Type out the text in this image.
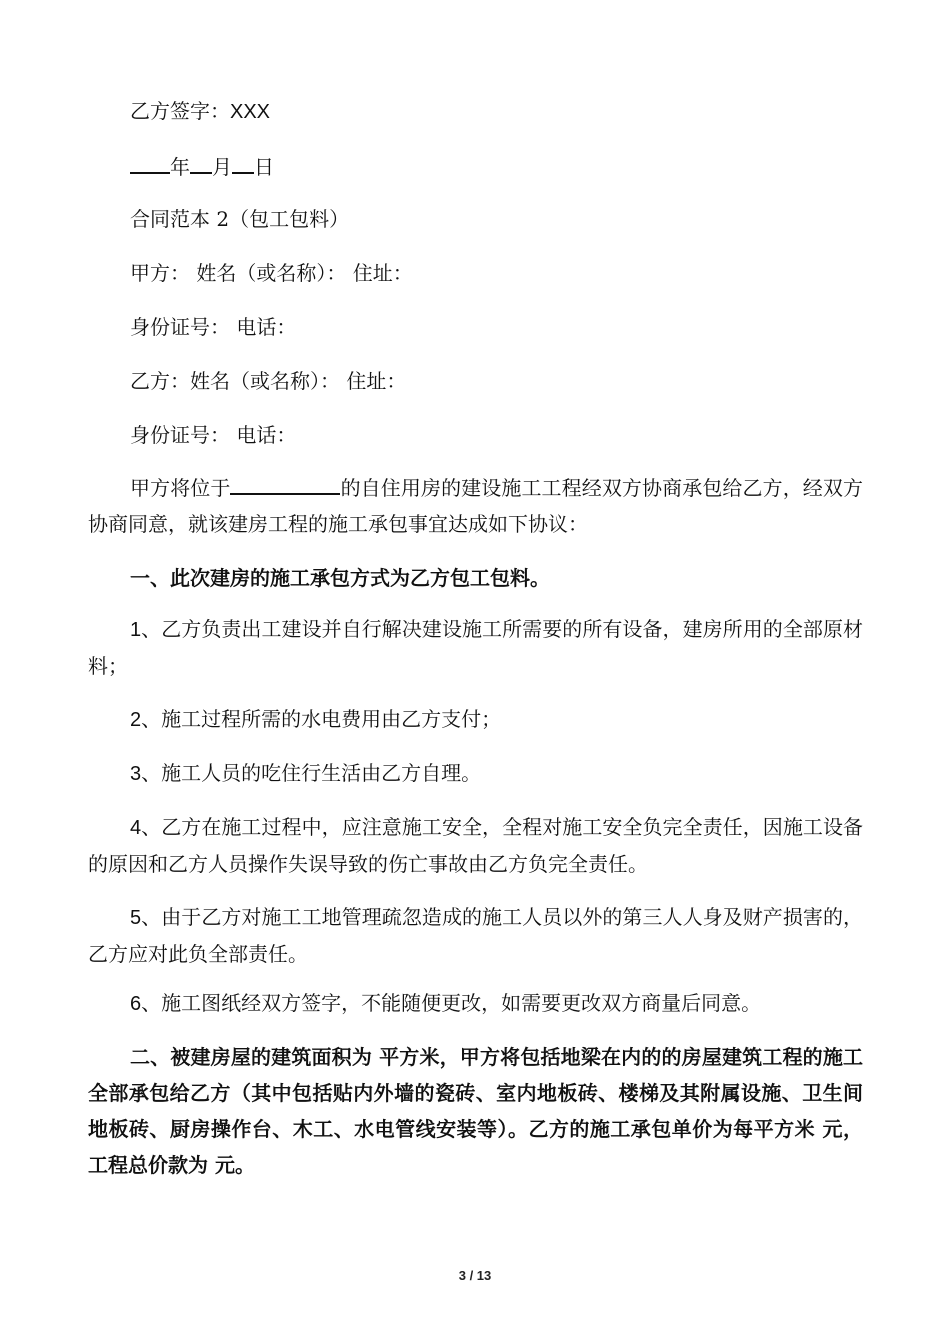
乙方签字：XXX
年 月 日
合同范本 2（包工包料）
甲方： 姓名（或名称）： 住址：
身份证号： 电话：
乙方：姓名（或名称）： 住址：
身份证号： 电话：
甲方将位于	的自住用房的建设施工工程经双方协商承包给乙方，经双方协商同意，就该建房工程的施工承包事宜达成如下协议：
一、此次建房的施工承包方式为乙方包工包料。
1、乙方负责出工建设并自行解决建设施工所需要的所有设备，建房所用的全部原材料；
2、施工过程所需的水电费用由乙方支付；
3、施工人员的吃住行生活由乙方自理。
4、乙方在施工过程中，应注意施工安全，全程对施工安全负完全责任，因施工设备的原因和乙方人员操作失误导致的伤亡事故由乙方负完全责任。
5、由于乙方对施工工地管理疏忽造成的施工人员以外的第三人人身及财产损害的，乙方应对此负全部责任。
6、施工图纸经双方签字，不能随便更改，如需要更改双方商量后同意。
二、被建房屋的建筑面积为 平方米，甲方将包括地梁在内的的房屋建筑工程的施工全部承包给乙方（其中包括贴内外墙的瓷砖、室内地板砖、楼梯及其附属设施、卫生间地板砖、厨房操作台、木工、水电管线安装等）。乙方的施工承包单价为每平方米 元，工程总价款为 元。
3 / 13
